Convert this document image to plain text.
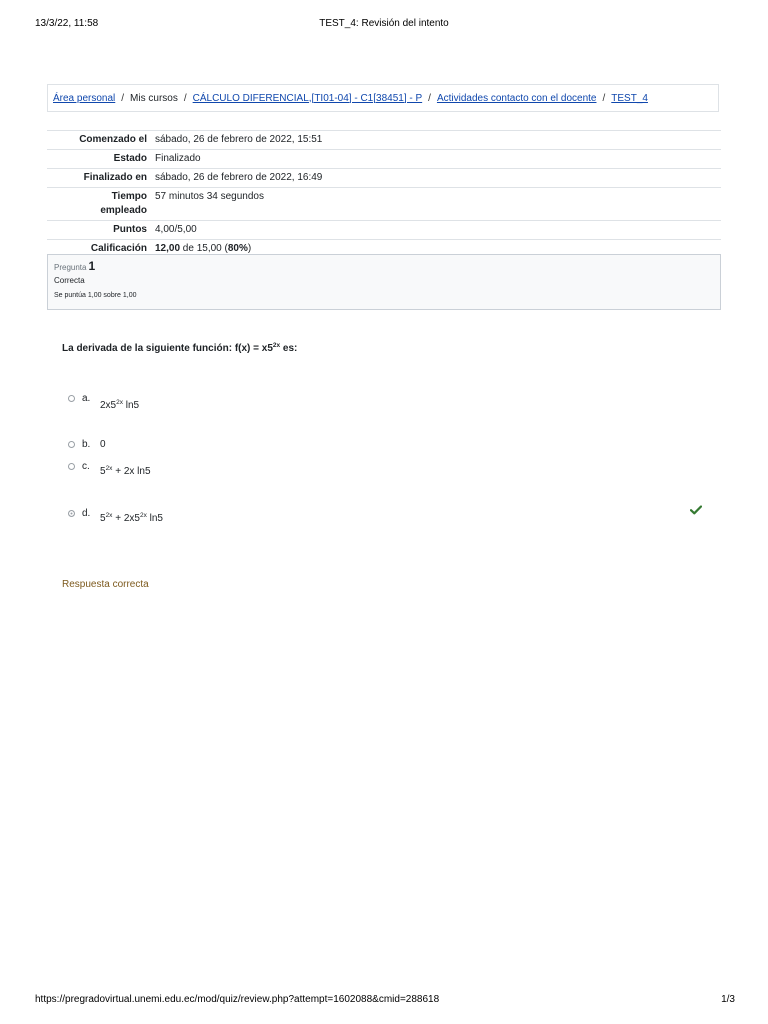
13/3/22, 11:58	TEST_4: Revisión del intento
Área personal / Mis cursos / CÁLCULO DIFERENCIAL,[TI01-04] - C1[38451] - P / Actividades contacto con el docente / TEST_4
Comenzado el	sábado, 26 de febrero de 2022, 15:51
Estado	Finalizado
Finalizado en	sábado, 26 de febrero de 2022, 16:49
Tiempo
empleado	57 minutos 34 segundos
Puntos	4,00/5,00
Calificación	12,00 de 15,00 (80%)
Pregunta 1
Correcta
Se puntúa 1,00 sobre 1,00
La derivada de la siguiente función: $f(x) = x5^{2x}$ es:
a.
$2x5^{2x}$ ln5
b. 0
c.	$5^{2x} + 2x$ ln5
d. $5^{2x} + 2x5^{2x}$ ln5
Respuesta correcta
https://pregradovirtual.unemi.edu.ec/mod/quiz/review.php?attempt=1602088&cmid=288618	1/3
